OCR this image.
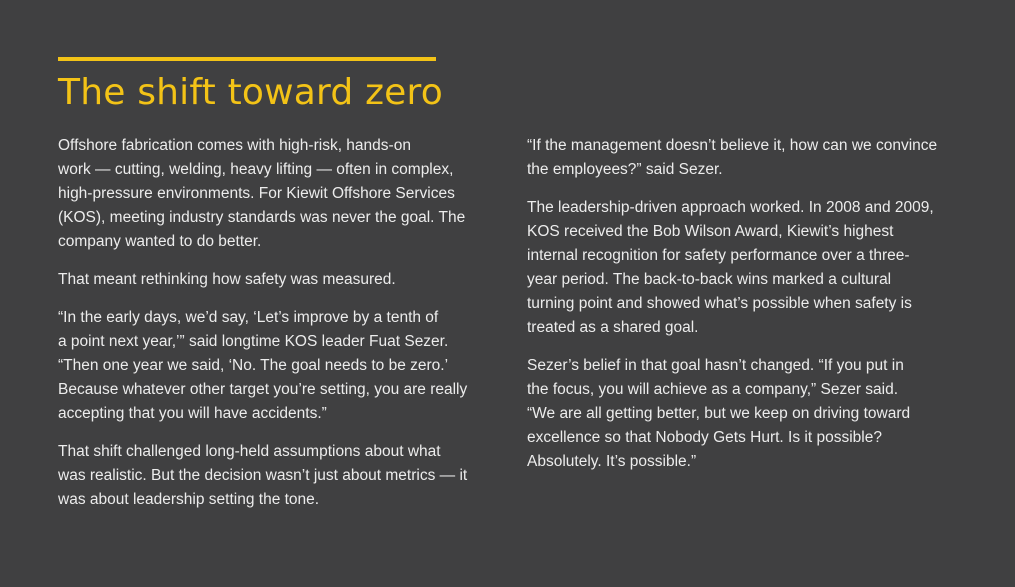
The shift toward zero

Offshore fabrication comes with high-risk, hands-on
work — cutting, welding, heavy lifting — often in complex,
high-pressure environments. For Kiewit Offshore Services
(KOS), meeting industry standards was never the goal. The
company wanted to do better.

That meant rethinking how safety was measured.

“In the early days, we’d say, ‘Let’s improve by a tenth of
a point next year,’” said longtime KOS leader Fuat Sezer.
“Then one year we said, ‘No. The goal needs to be zero.’
Because whatever other target you’re setting, you are really
accepting that you will have accidents.”

That shift challenged long-held assumptions about what
was realistic. But the decision wasn’t just about metrics — it
was about leadership setting the tone.

“If the management doesn’t believe it, how can we convince
the employees?” said Sezer.

The leadership-driven approach worked. In 2008 and 2009,
KOS received the Bob Wilson Award, Kiewit’s highest
internal recognition for safety performance over a three-
year period. The back-to-back wins marked a cultural
turning point and showed what’s possible when safety is
treated as a shared goal.

Sezer’s belief in that goal hasn’t changed. “If you put in
the focus, you will achieve as a company,” Sezer said.
“We are all getting better, but we keep on driving toward
excellence so that Nobody Gets Hurt. Is it possible?
Absolutely. It’s possible.”
